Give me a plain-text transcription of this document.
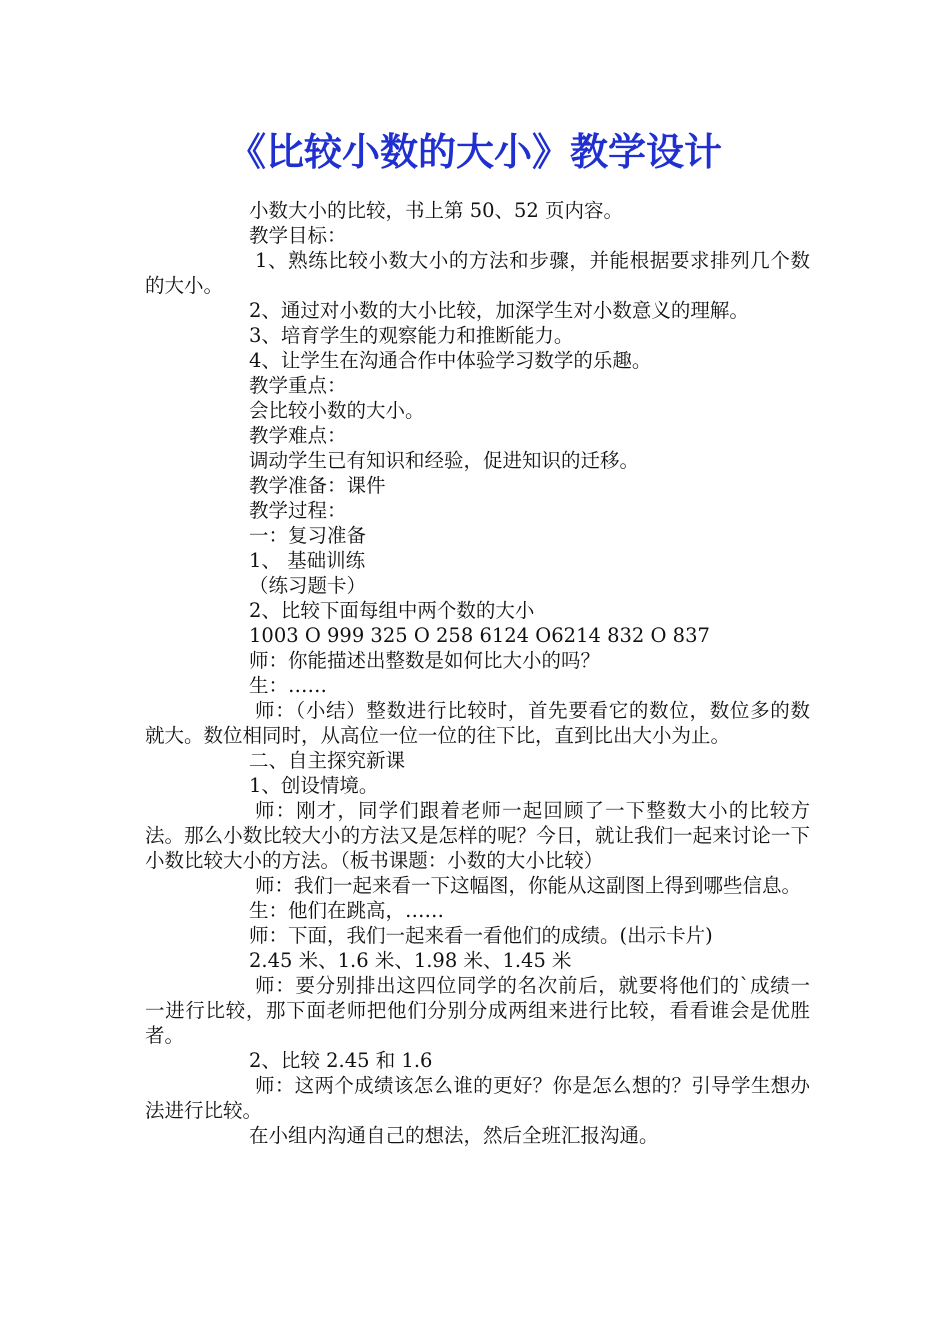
《比较小数的大小》教学设计

小数大小的比较，书上第 50、52 页内容。

教学目标：

1、熟练比较小数大小的方法和步骤，并能根据要求排列几个数的大小。

2、通过对小数的大小比较，加深学生对小数意义的理解。

3、培育学生的观察能力和推断能力。

4、让学生在沟通合作中体验学习数学的乐趣。

教学重点：

会比较小数的大小。

教学难点：

调动学生已有知识和经验，促进知识的迁移。

教学准备：课件

教学过程：

一：复习准备

1、 基础训练

（练习题卡）

2、比较下面每组中两个数的大小

1003 O 999 325 O 258 6124 O6214 832 O 837

师：你能描述出整数是如何比大小的吗？

生：……

师：（小结）整数进行比较时，首先要看它的数位，数位多的数就大。数位相同时，从高位一位一位的往下比，直到比出大小为止。

二、自主探究新课

1、创设情境。

师：刚才，同学们跟着老师一起回顾了一下整数大小的比较方法。那么小数比较大小的方法又是怎样的呢？今日，就让我们一起来讨论一下小数比较大小的方法。（板书课题：小数的大小比较）

师：我们一起来看一下这幅图，你能从这副图上得到哪些信息。

生：他们在跳高，……

师：下面，我们一起来看一看他们的成绩。(出示卡片)

2.45 米、1.6 米、1.98 米、1.45 米

师：要分别排出这四位同学的名次前后，就要将他们的`成绩一一进行比较，那下面老师把他们分别分成两组来进行比较，看看谁会是优胜者。

2、比较 2.45 和 1.6

师：这两个成绩该怎么谁的更好？你是怎么想的？引导学生想办法进行比较。

在小组内沟通自己的想法，然后全班汇报沟通。
